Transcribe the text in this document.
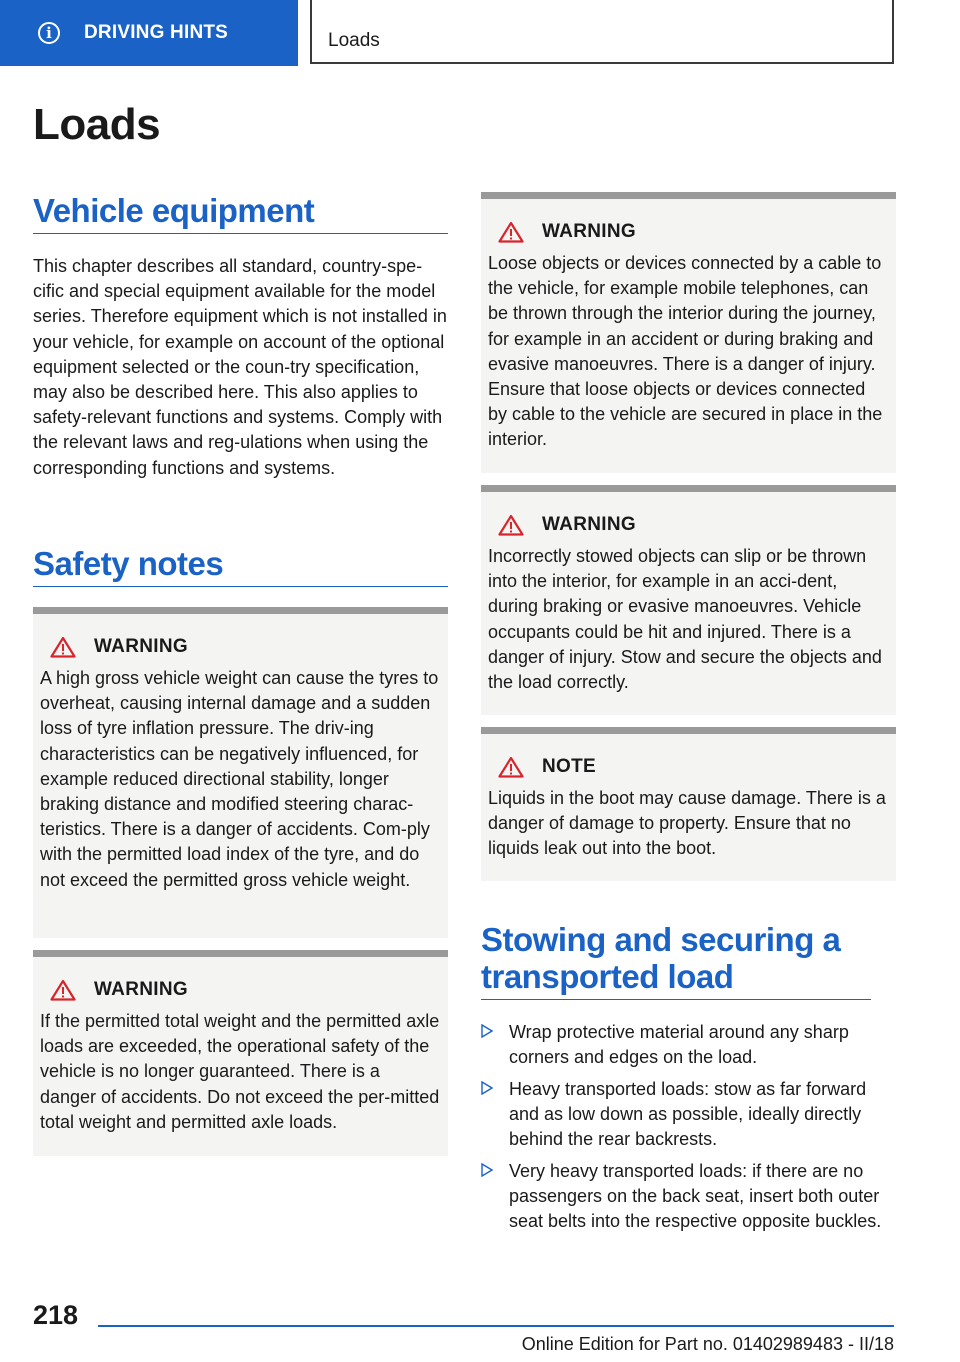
i	DRIVING HINTS	Loads
Loads
Vehicle equipment
This chapter describes all standard, country-spe‐cific and special equipment available for the model series. Therefore equipment which is not installed in your vehicle, for example on account of the optional equipment selected or the coun‐try specification, may also be described here. This also applies to safety-relevant functions and systems. Comply with the relevant laws and reg‐ulations when using the corresponding functions and systems.
Safety notes
WARNING
A high gross vehicle weight can cause the tyres to overheat, causing internal damage and a sudden loss of tyre inflation pressure. The driv‐ing characteristics can be negatively influenced, for example reduced directional stability, longer braking distance and modified steering charac‐teristics. There is a danger of accidents. Com‐ply with the permitted load index of the tyre, and do not exceed the permitted gross vehicle weight.
WARNING
If the permitted total weight and the permitted axle loads are exceeded, the operational safety of the vehicle is no longer guaranteed. There is a danger of accidents. Do not exceed the per‐mitted total weight and permitted axle loads.
WARNING
Loose objects or devices connected by a cable to the vehicle, for example mobile telephones, can be thrown through the interior during the journey, for example in an accident or during braking and evasive manoeuvres. There is a danger of injury. Ensure that loose objects or devices connected by cable to the vehicle are secured in place in the interior.
WARNING
Incorrectly stowed objects can slip or be thrown into the interior, for example in an acci‐dent, during braking or evasive manoeuvres. Vehicle occupants could be hit and injured. There is a danger of injury. Stow and secure the objects and the load correctly.
NOTE
Liquids in the boot may cause damage. There is a danger of damage to property. Ensure that no liquids leak out into the boot.
Stowing and securing a transported load
Wrap protective material around any sharp corners and edges on the load.
Heavy transported loads: stow as far forward and as low down as possible, ideally directly behind the rear backrests.
Very heavy transported loads: if there are no passengers on the back seat, insert both outer seat belts into the respective opposite buckles.
218
Online Edition for Part no. 01402989483 - II/18
